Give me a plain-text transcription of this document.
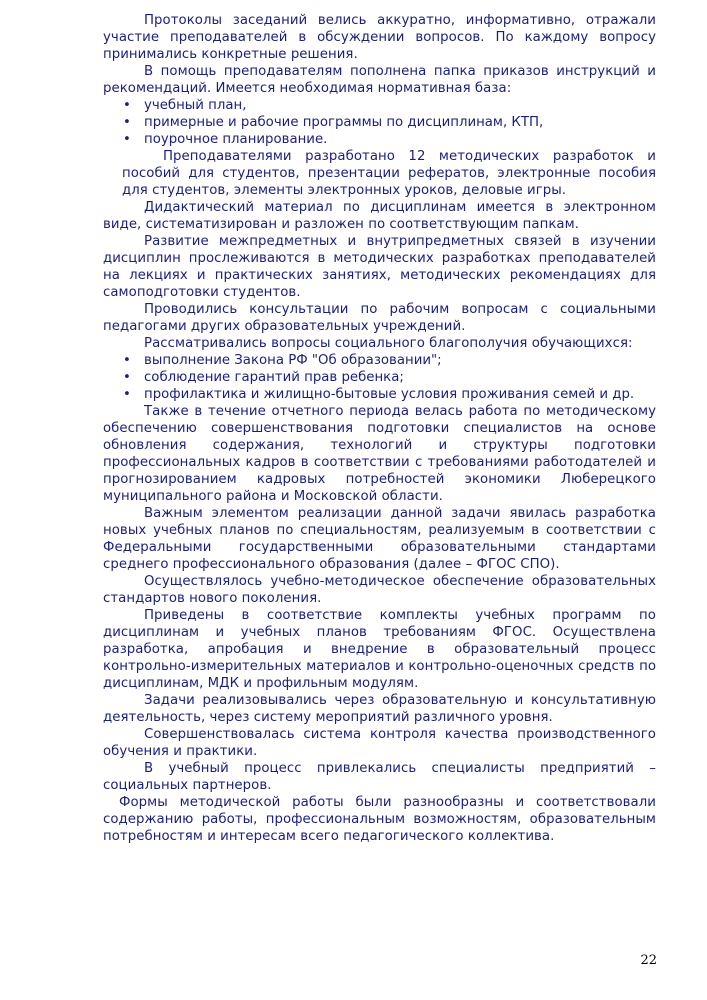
Протоколы заседаний велись аккуратно, информативно, отражали участие преподавателей в обсуждении вопросов. По каждому вопросу принимались конкретные решения.

В помощь преподавателям пополнена папка приказов инструкций и рекомендаций. Имеется необходимая нормативная база:

• учебный план,
• примерные и рабочие программы по дисциплинам, КТП,
• поурочное планирование.

Преподавателями разработано 12 методических разработок и пособий для студентов, презентации рефератов, электронные пособия для студентов, элементы электронных уроков, деловые игры.

Дидактический материал по дисциплинам имеется в электронном виде, систематизирован и разложен по соответствующим папкам.

Развитие межпредметных и внутрипредметных связей в изучении дисциплин прослеживаются в методических разработках преподавателей на лекциях и практических занятиях, методических рекомендациях для самоподготовки студентов.

Проводились консультации по рабочим вопросам с социальными педагогами других образовательных учреждений.

Рассматривались вопросы социального благополучия обучающихся:

• выполнение Закона РФ "Об образовании";
• соблюдение гарантий прав ребенка;
• профилактика и жилищно-бытовые условия проживания семей и др.

Также в течение отчетного периода велась работа по методическому обеспечению совершенствования подготовки специалистов на основе обновления содержания, технологий и структуры подготовки профессиональных кадров в соответствии с требованиями работодателей и прогнозированием кадровых потребностей экономики Люберецкого муниципального района и Московской области.

Важным элементом реализации данной задачи явилась разработка новых учебных планов по специальностям, реализуемым в соответствии с Федеральными государственными образовательными стандартами среднего профессионального образования (далее – ФГОС СПО).

Осуществлялось учебно-методическое обеспечение образовательных стандартов нового поколения.

Приведены в соответствие комплекты учебных программ по дисциплинам и учебных планов требованиям ФГОС. Осуществлена разработка, апробация и внедрение в образовательный процесс контрольно-измерительных материалов и контрольно-оценочных средств по дисциплинам, МДК и профильным модулям.

Задачи реализовывались через образовательную и консультативную деятельность, через систему мероприятий различного уровня.

Совершенствовалась система контроля качества производственного обучения и практики.

В учебный процесс привлекались специалисты предприятий – социальных партнеров.

Формы методической работы были разнообразны и соответствовали содержанию работы, профессиональным возможностям, образовательным потребностям и интересам всего педагогического коллектива.

22
